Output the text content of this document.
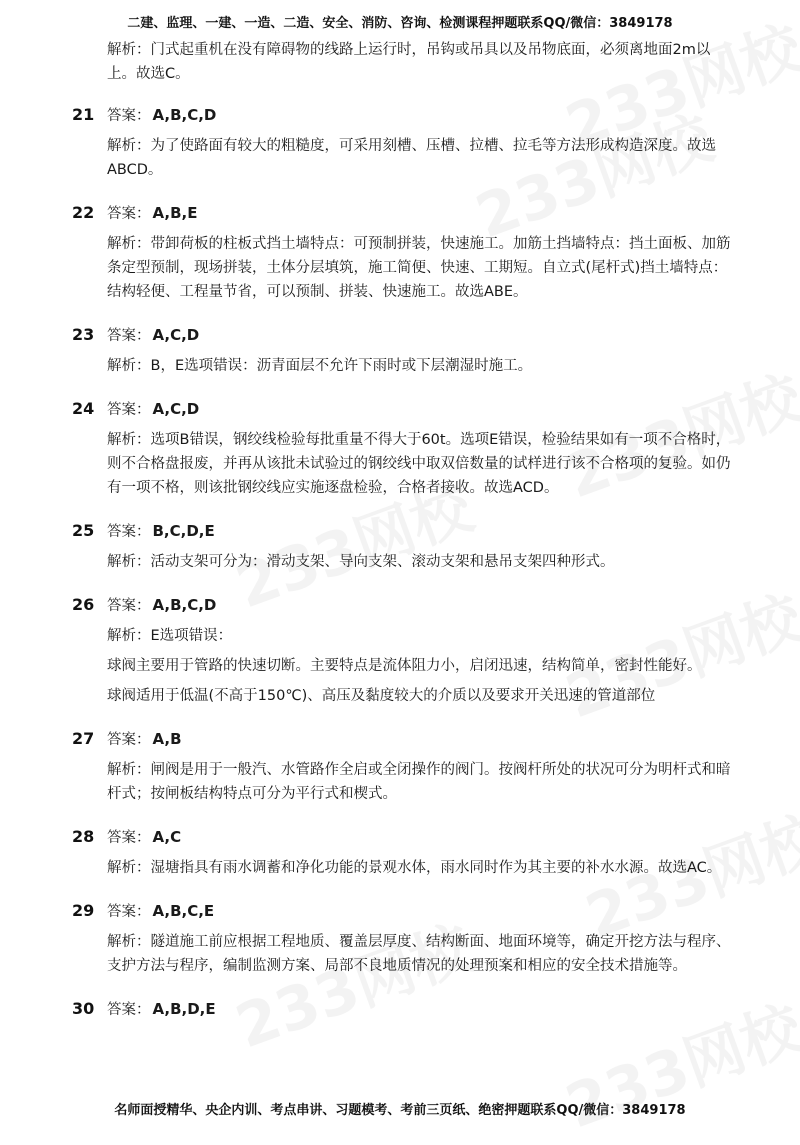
二建、监理、一建、一造、二造、安全、消防、咨询、检测课程押题联系QQ/微信：3849178

解析：门式起重机在没有障碍物的线路上运行时，吊钩或吊具以及吊物底面，必须离地面2m以上。故选C。

21 答案： A,B,C,D

解析：为了使路面有较大的粗糙度，可采用刻槽、压槽、拉槽、拉毛等方法形成构造深度。故选ABCD。

22 答案： A,B,E

解析：带卸荷板的柱板式挡土墙特点：可预制拼装，快速施工。加筋土挡墙特点：挡土面板、加筋条定型预制，现场拼装，土体分层填筑，施工简便、快速、工期短。自立式(尾杆式)挡土墙特点：结构轻便、工程量节省，可以预制、拼装、快速施工。故选ABE。

23 答案： A,C,D

解析：B，E选项错误：沥青面层不允许下雨时或下层潮湿时施工。

24 答案： A,C,D

解析：选项B错误，钢绞线检验每批重量不得大于60t。选项E错误，检验结果如有一项不合格时，则不合格盘报废，并再从该批未试验过的钢绞线中取双倍数量的试样进行该不合格项的复验。如仍有一项不格，则该批钢绞线应实施逐盘检验，合格者接收。故选ACD。

25 答案： B,C,D,E

解析：活动支架可分为：滑动支架、导向支架、滚动支架和悬吊支架四种形式。

26 答案： A,B,C,D

解析：E选项错误：

球阀主要用于管路的快速切断。主要特点是流体阻力小，启闭迅速，结构简单，密封性能好。

球阀适用于低温(不高于150℃)、高压及黏度较大的介质以及要求开关迅速的管道部位

27 答案： A,B

解析：闸阀是用于一般汽、水管路作全启或全闭操作的阀门。按阀杆所处的状况可分为明杆式和暗杆式；按闸板结构特点可分为平行式和楔式。

28 答案： A,C

解析：湿塘指具有雨水调蓄和净化功能的景观水体，雨水同时作为其主要的补水水源。故选AC。

29 答案： A,B,C,E

解析：隧道施工前应根据工程地质、覆盖层厚度、结构断面、地面环境等，确定开挖方法与程序、支护方法与程序，编制监测方案、局部不良地质情况的处理预案和相应的安全技术措施等。

30 答案： A,B,D,E
名师面授精华、央企内训、考点串讲、习题模考、考前三页纸、绝密押题联系QQ/微信：3849178
